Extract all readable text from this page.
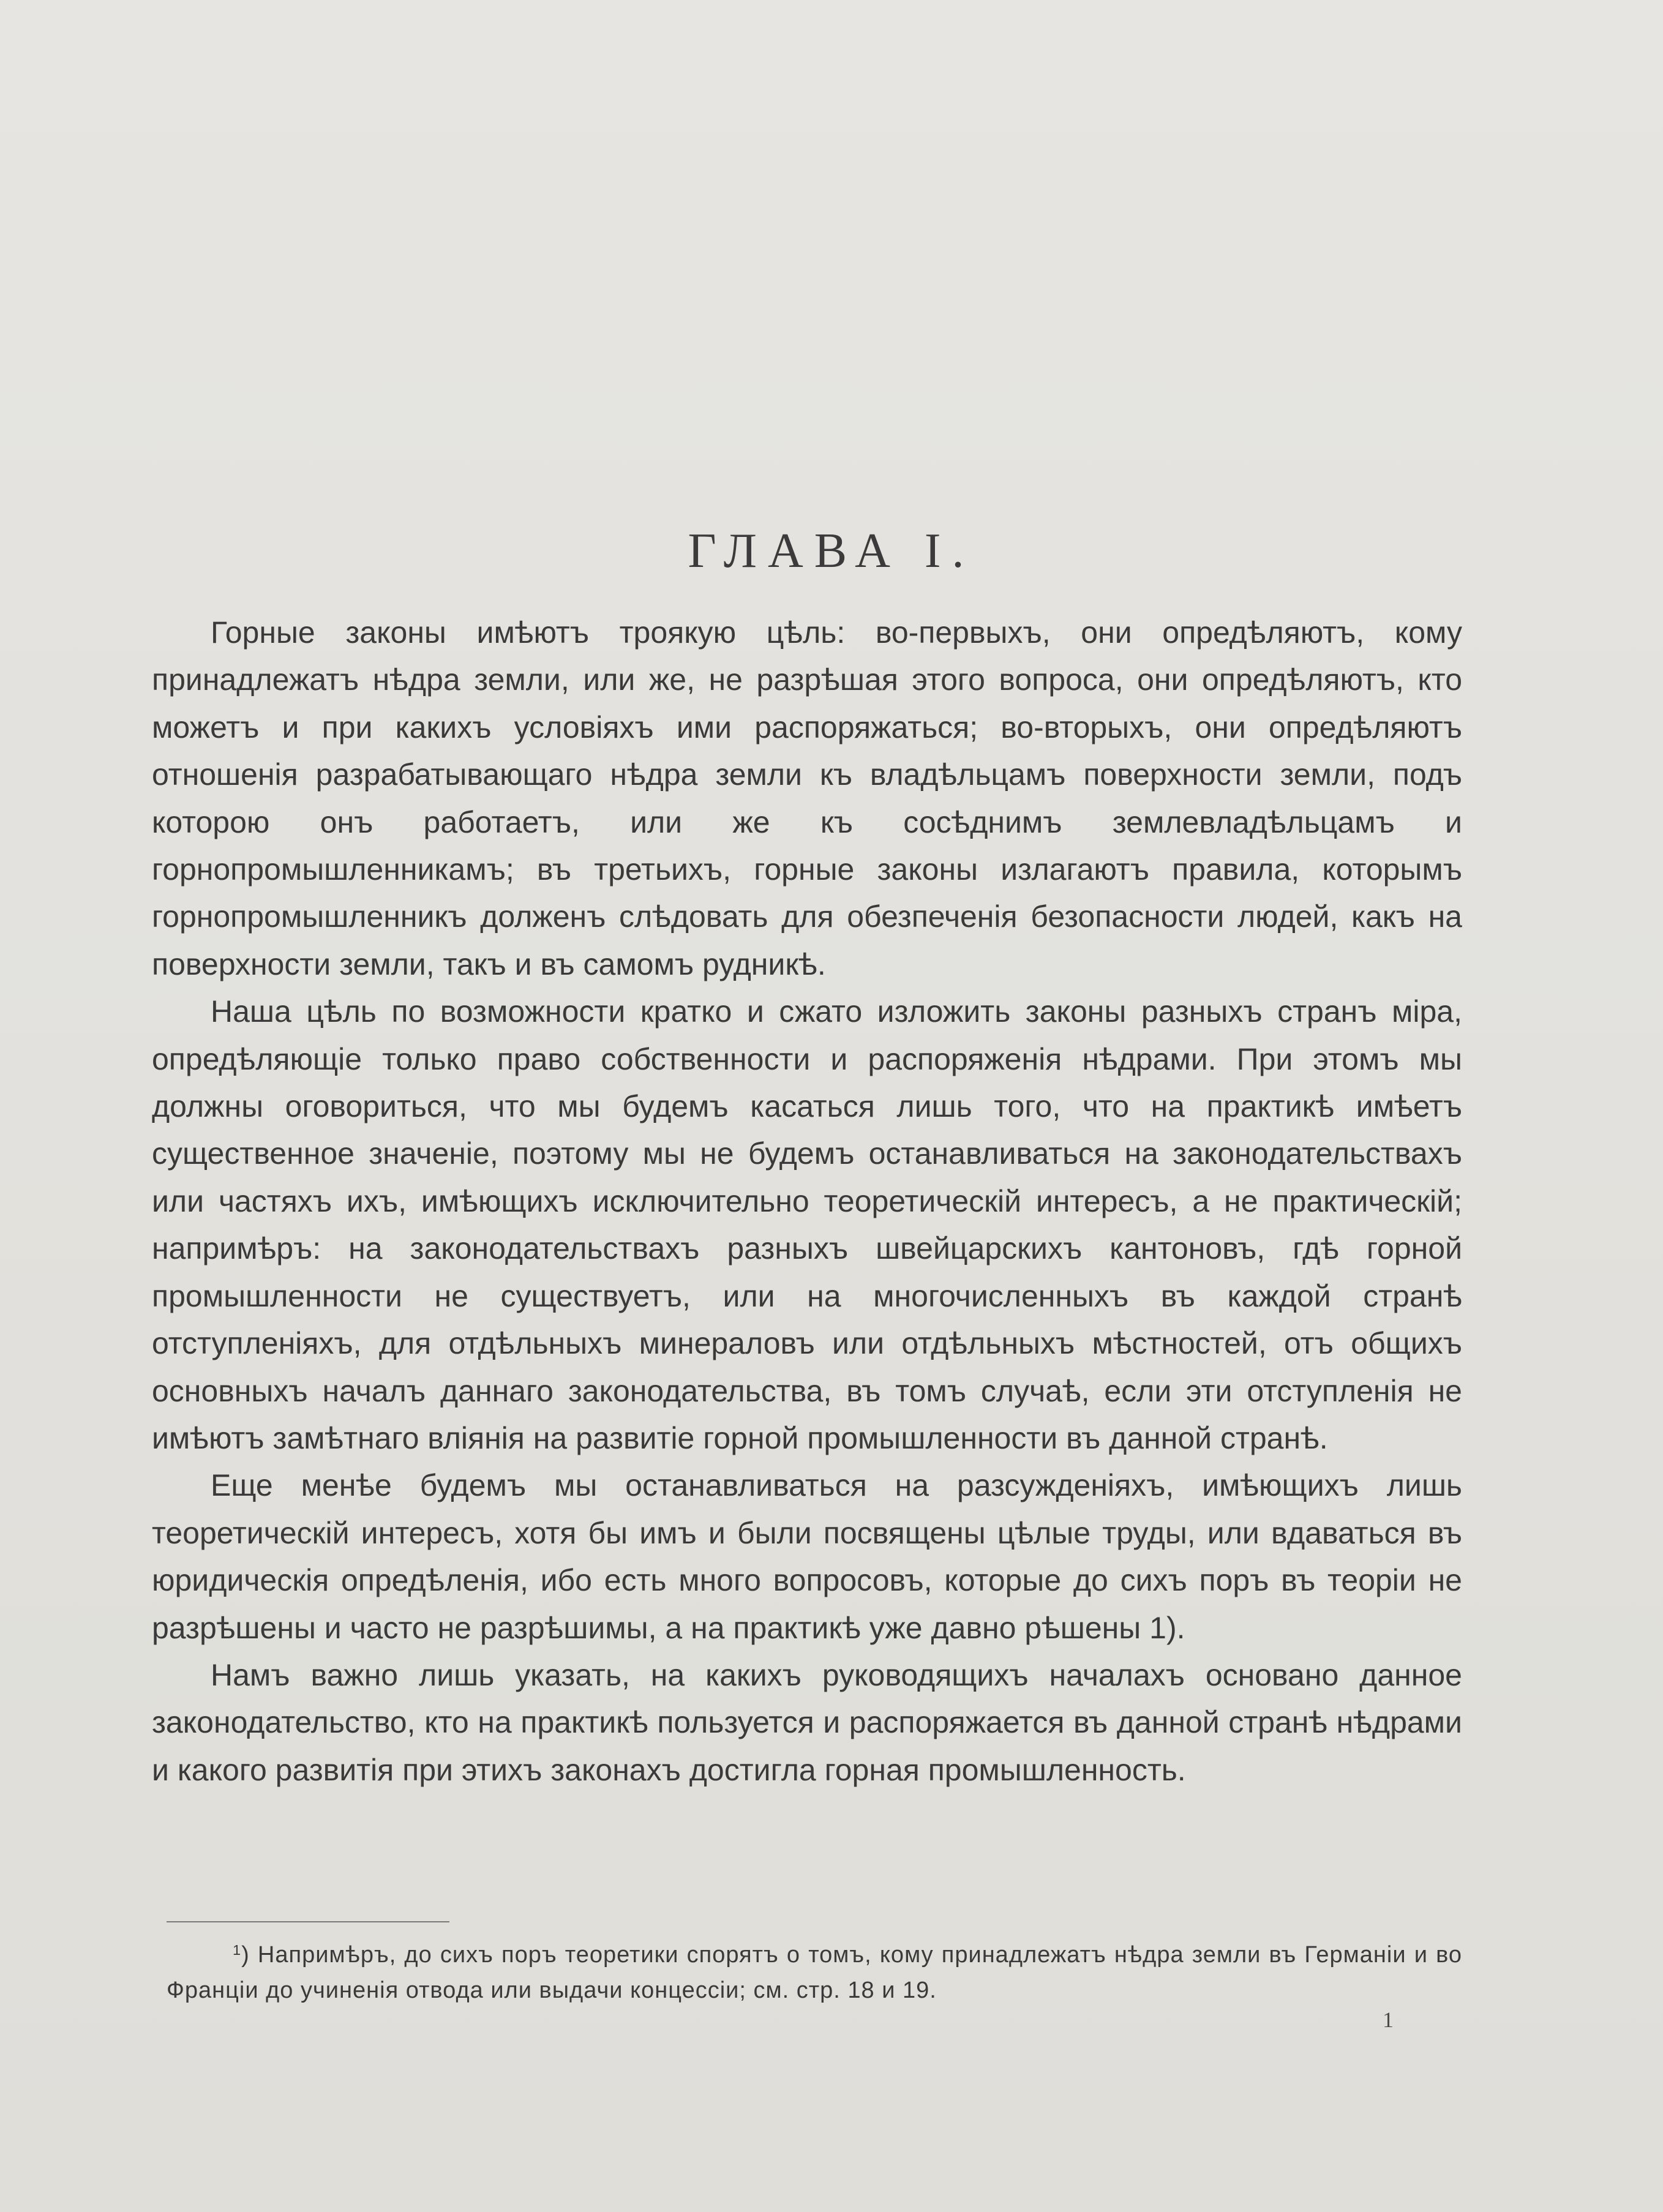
ГЛАВА I.

Горные законы имѣютъ троякую цѣль: во-первыхъ, они опредѣляютъ, кому принадлежатъ нѣдра земли, или же, не разрѣшая этого вопроса, они опредѣляютъ, кто можетъ и при какихъ условіяхъ ими распоряжаться; во-вторыхъ, они опредѣляютъ отношенія разрабатывающаго нѣдра земли къ владѣльцамъ поверхности земли, подъ которою онъ работаетъ, или же къ сосѣднимъ землевладѣльцамъ и горнопромышленникамъ; въ третьихъ, горные законы излагаютъ правила, которымъ горнопромышленникъ долженъ слѣдовать для обезпеченія безопасности людей, какъ на поверхности земли, такъ и въ самомъ рудникѣ.

Наша цѣль по возможности кратко и сжато изложить законы разныхъ странъ міра, опредѣляющіе только право собственности и распоряженія нѣдрами. При этомъ мы должны оговориться, что мы будемъ касаться лишь того, что на практикѣ имѣетъ существенное значеніе, поэтому мы не будемъ останавливаться на законодательствахъ или частяхъ ихъ, имѣющихъ исключительно теоретическій интересъ, а не практическій; напримѣръ: на законодательствахъ разныхъ швейцарскихъ кантоновъ, гдѣ горной промышленности не существуетъ, или на многочисленныхъ въ каждой странѣ отступленіяхъ, для отдѣльныхъ минераловъ или отдѣльныхъ мѣстностей, отъ общихъ основныхъ началъ даннаго законодательства, въ томъ случаѣ, если эти отступленія не имѣютъ замѣтнаго вліянія на развитіе горной промышленности въ данной странѣ.

Еще менѣе будемъ мы останавливаться на разсужденіяхъ, имѣющихъ лишь теоретическій интересъ, хотя бы имъ и были посвящены цѣлые труды, или вдаваться въ юридическія опредѣленія, ибо есть много вопросовъ, которые до сихъ поръ въ теоріи не разрѣшены и часто не разрѣшимы, а на практикѣ уже давно рѣшены 1).

Намъ важно лишь указать, на какихъ руководящихъ началахъ основано данное законодательство, кто на практикѣ пользуется и распоряжается въ данной странѣ нѣдрами и какого развитія при этихъ законахъ достигла горная промышленность.

$^1$) Напримѣръ, до сихъ поръ теоретики спорятъ о томъ, кому принадлежатъ нѣдра земли въ Германіи и во Франціи до учиненія отвода или выдачи концессіи; см. стр. 18 и 19.
1
